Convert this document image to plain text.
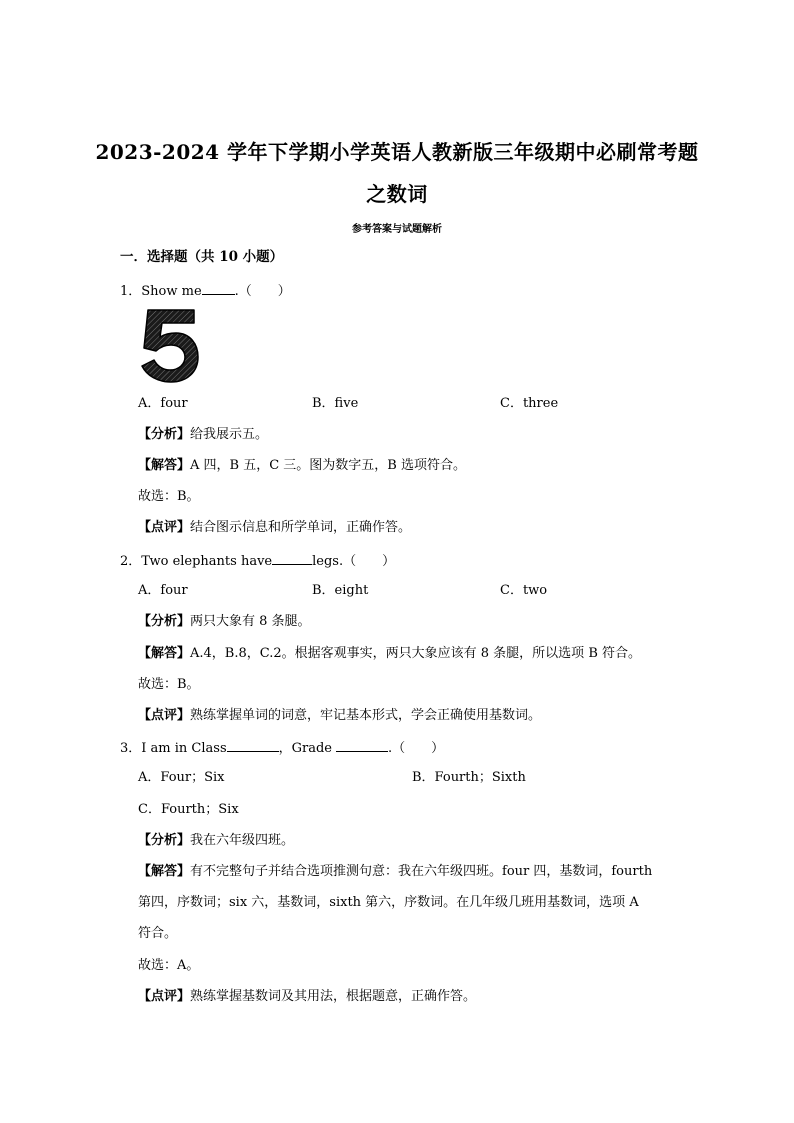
2023-2024 学年下学期小学英语人教新版三年级期中必刷常考题
之数词
参考答案与试题解析
一．选择题（共 10 小题）
1．Show me	.（　　）
A．four	B．five	C．three
【分析】给我展示五。
【解答】A 四，B 五，C 三。图为数字五，B 选项符合。
故选：B。
【点评】结合图示信息和所学单词，正确作答。
2．Two elephants have	legs.（　　）
A．four	B．eight	C．two
【分析】两只大象有 8 条腿。
【解答】A.4，B.8，C.2。根据客观事实，两只大象应该有 8 条腿，所以选项 B 符合。
故选：B。
【点评】熟练掌握单词的词意，牢记基本形式，学会正确使用基数词。
3．I am in Class	，Grade	.（　　）
A．Four；Six	B．Fourth；Sixth
C．Fourth；Six
【分析】我在六年级四班。
【解答】有不完整句子并结合选项推测句意：我在六年级四班。four 四，基数词，fourth
第四，序数词；six 六，基数词，sixth 第六，序数词。在几年级几班用基数词，选项 A
符合。
故选：A。
【点评】熟练掌握基数词及其用法，根据题意，正确作答。
